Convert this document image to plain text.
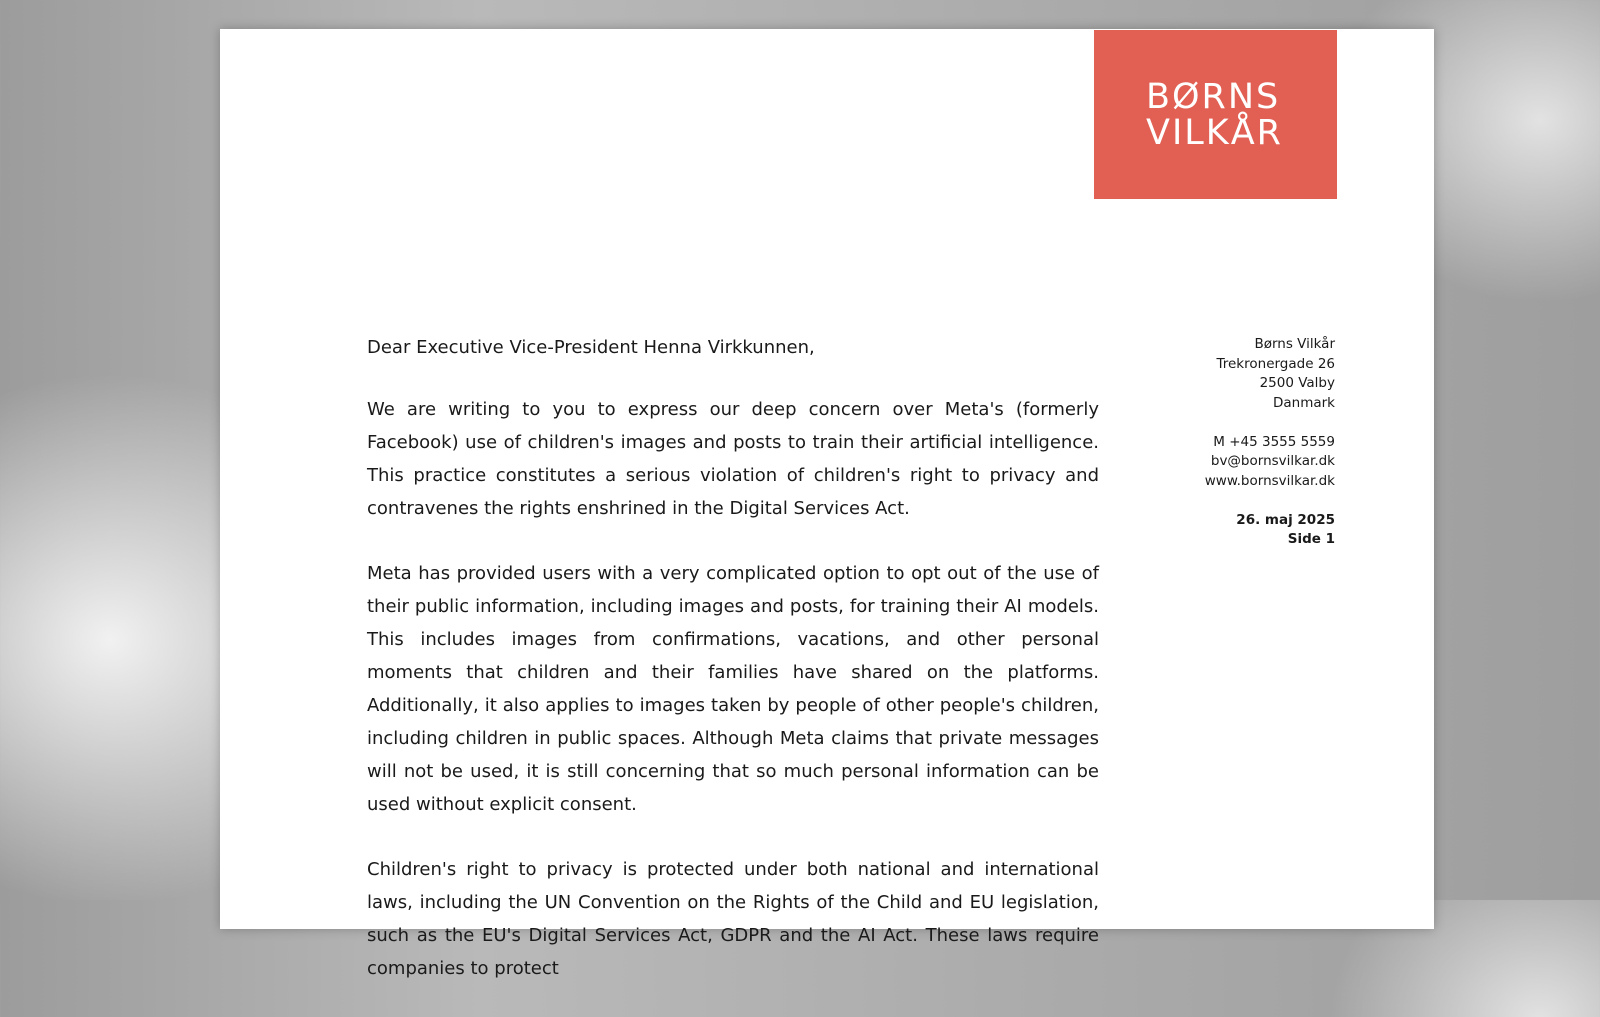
BØRNS
VILKÅR

Dear Executive Vice-President Henna Virkkunnen,

We are writing to you to express our deep concern over Meta's (formerly Facebook) use of children's images and posts to train their artificial intelligence. This practice constitutes a serious violation of children's right to privacy and contravenes the rights enshrined in the Digital Services Act.

Meta has provided users with a very complicated option to opt out of the use of their public information, including images and posts, for training their AI models. This includes images from confirmations, vacations, and other personal moments that children and their families have shared on the platforms. Additionally, it also applies to images taken by people of other people's children, including children in public spaces. Although Meta claims that private messages will not be used, it is still concerning that so much personal information can be used without explicit consent.

Children's right to privacy is protected under both national and international laws, including the UN Convention on the Rights of the Child and EU legislation, such as the EU's Digital Services Act, GDPR and the AI Act. These laws require companies to protect

Børns Vilkår
Trekronergade 26
2500 Valby
Danmark
M +45 3555 5559
bv@bornsvilkar.dk
www.bornsvilkar.dk
26. maj 2025
Side 1
